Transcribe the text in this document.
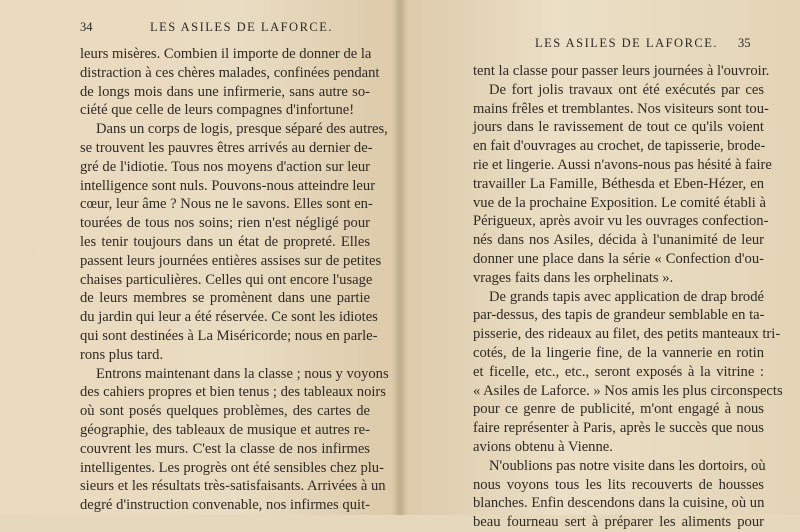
34	LES ASILES DE LAFORCE.
leurs misères. Combien il importe de donner de la
distraction à ces chères malades, confinées pendant
de longs mois dans une infirmerie, sans autre so-
ciété que celle de leurs compagnes d'infortune!
Dans un corps de logis, presque séparé des autres,
se trouvent les pauvres êtres arrivés au dernier de-
gré de l'idiotie. Tous nos moyens d'action sur leur
intelligence sont nuls. Pouvons-nous atteindre leur
cœur, leur âme ? Nous ne le savons. Elles sont en-
tourées de tous nos soins; rien n'est négligé pour
les tenir toujours dans un état de propreté. Elles
passent leurs journées entières assises sur de petites
chaises particulières. Celles qui ont encore l'usage
de leurs membres se promènent dans une partie
du jardin qui leur a été réservée. Ce sont les idiotes
qui sont destinées à La Miséricorde; nous en parle-
rons plus tard.
Entrons maintenant dans la classe ; nous y voyons
des cahiers propres et bien tenus ; des tableaux noirs
où sont posés quelques problèmes, des cartes de
géographie, des tableaux de musique et autres re-
couvrent les murs. C'est la classe de nos infirmes
intelligentes. Les progrès ont été sensibles chez plu-
sieurs et les résultats très-satisfaisants. Arrivées à un
degré d'instruction convenable, nos infirmes quit-
LES ASILES DE LAFORCE. 35
tent la classe pour passer leurs journées à l'ouvroir.
De fort jolis travaux ont été exécutés par ces
mains frêles et tremblantes. Nos visiteurs sont tou-
jours dans le ravissement de tout ce qu'ils voient
en fait d'ouvrages au crochet, de tapisserie, brode-
rie et lingerie. Aussi n'avons-nous pas hésité à faire
travailler La Famille, Béthesda et Eben-Hézer, en
vue de la prochaine Exposition. Le comité établi à
Périgueux, après avoir vu les ouvrages confection-
nés dans nos Asiles, décida à l'unanimité de leur
donner une place dans la série « Confection d'ou-
vrages faits dans les orphelinats ».
De grands tapis avec application de drap brodé
par-dessus, des tapis de grandeur semblable en ta-
pisserie, des rideaux au filet, des petits manteaux tri-
cotés, de la lingerie fine, de la vannerie en rotin
et ficelle, etc., etc., seront exposés à la vitrine :
« Asiles de Laforce. » Nos amis les plus circonspects
pour ce genre de publicité, m'ont engagé à nous
faire représenter à Paris, après le succès que nous
avions obtenu à Vienne.
N'oublions pas notre visite dans les dortoirs, où
nous voyons tous les lits recouverts de housses
blanches. Enfin descendons dans la cuisine, où un
beau fourneau sert à préparer les aliments pour
